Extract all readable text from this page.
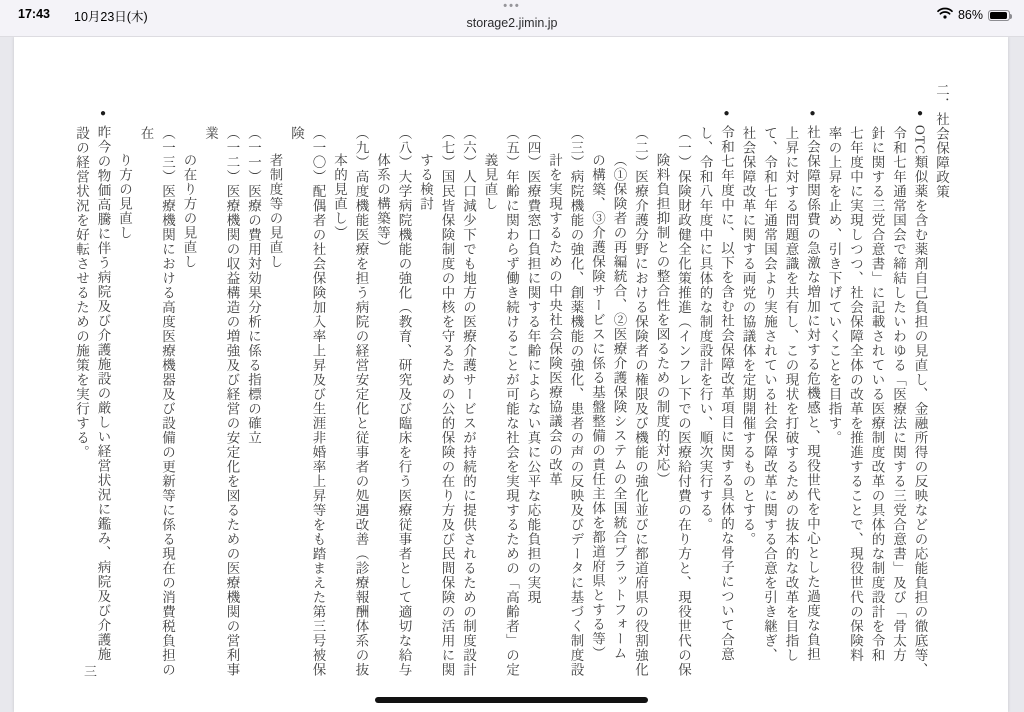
17:43 10月23日(木)
•••
storage2.jimin.jp
86%
二．社会保障政策
●OTC類似薬を含む薬剤自己負担の見直し、金融所得の反映などの応能負担の徹底等、
令和七年通常国会で締結したいわゆる「医療法に関する三党合意書」及び「骨太方
針に関する三党合意書」に記載されている医療制度改革の具体的な制度設計を令和
七年度中に実現しつつ、社会保障全体の改革を推進することで、現役世代の保険料
率の上昇を止め、引き下げていくことを目指す。
●社会保障関係費の急激な増加に対する危機感と、現役世代を中心とした過度な負担
上昇に対する問題意識を共有し、この現状を打破するための抜本的な改革を目指し
て、令和七年通常国会より実施されている社会保障改革に関する合意を引き継ぎ、
社会保障改革に関する両党の協議体を定期開催するものとする。
●令和七年度中に、以下を含む社会保障改革項目に関する具体的な骨子について合意
し、令和八年度中に具体的な制度設計を行い、順次実行する。
（一）保険財政健全化策推進（インフレ下での医療給付費の在り方と、現役世代の保
険料負担抑制との整合性を図るための制度的対応）
（二）医療介護分野における保険者の権限及び機能の強化並びに都道府県の役割強化
（①保険者の再編統合、②医療介護保険システムの全国統合プラットフォーム
の構築、③介護保険サービスに係る基盤整備の責任主体を都道府県とする等）
（三）病院機能の強化、創薬機能の強化、患者の声の反映及びデータに基づく制度設
計を実現するための中央社会保険医療協議会の改革
（四）医療費窓口負担に関する年齢によらない真に公平な応能負担の実現
（五）年齢に関わらず働き続けることが可能な社会を実現するための「高齢者」の定
義見直し
（六）人口減少下でも地方の医療介護サービスが持続的に提供されるための制度設計
（七）国民皆保険制度の中核を守るための公的保険の在り方及び民間保険の活用に関
する検討
（八）大学病院機能の強化（教育、研究及び臨床を行う医療従事者として適切な給与
体系の構築等）
（九）高度機能医療を担う病院の経営安定化と従事者の処遇改善（診療報酬体系の抜
本的見直し）
（一〇）配偶者の社会保険加入率上昇及び生涯非婚率上昇等をも踏まえた第三号被保険
者制度等の見直し
（一一）医療の費用対効果分析に係る指標の確立
（一二）医療機関の収益構造の増強及び経営の安定化を図るための医療機関の営利事業
の在り方の見直し
（一三）医療機関における高度医療機器及び設備の更新等に係る現在の消費税負担の在
り方の見直し
●昨今の物価高騰に伴う病院及び介護施設の厳しい経営状況に鑑み、病院及び介護施
設の経営状況を好転させるための施策を実行する。
三
